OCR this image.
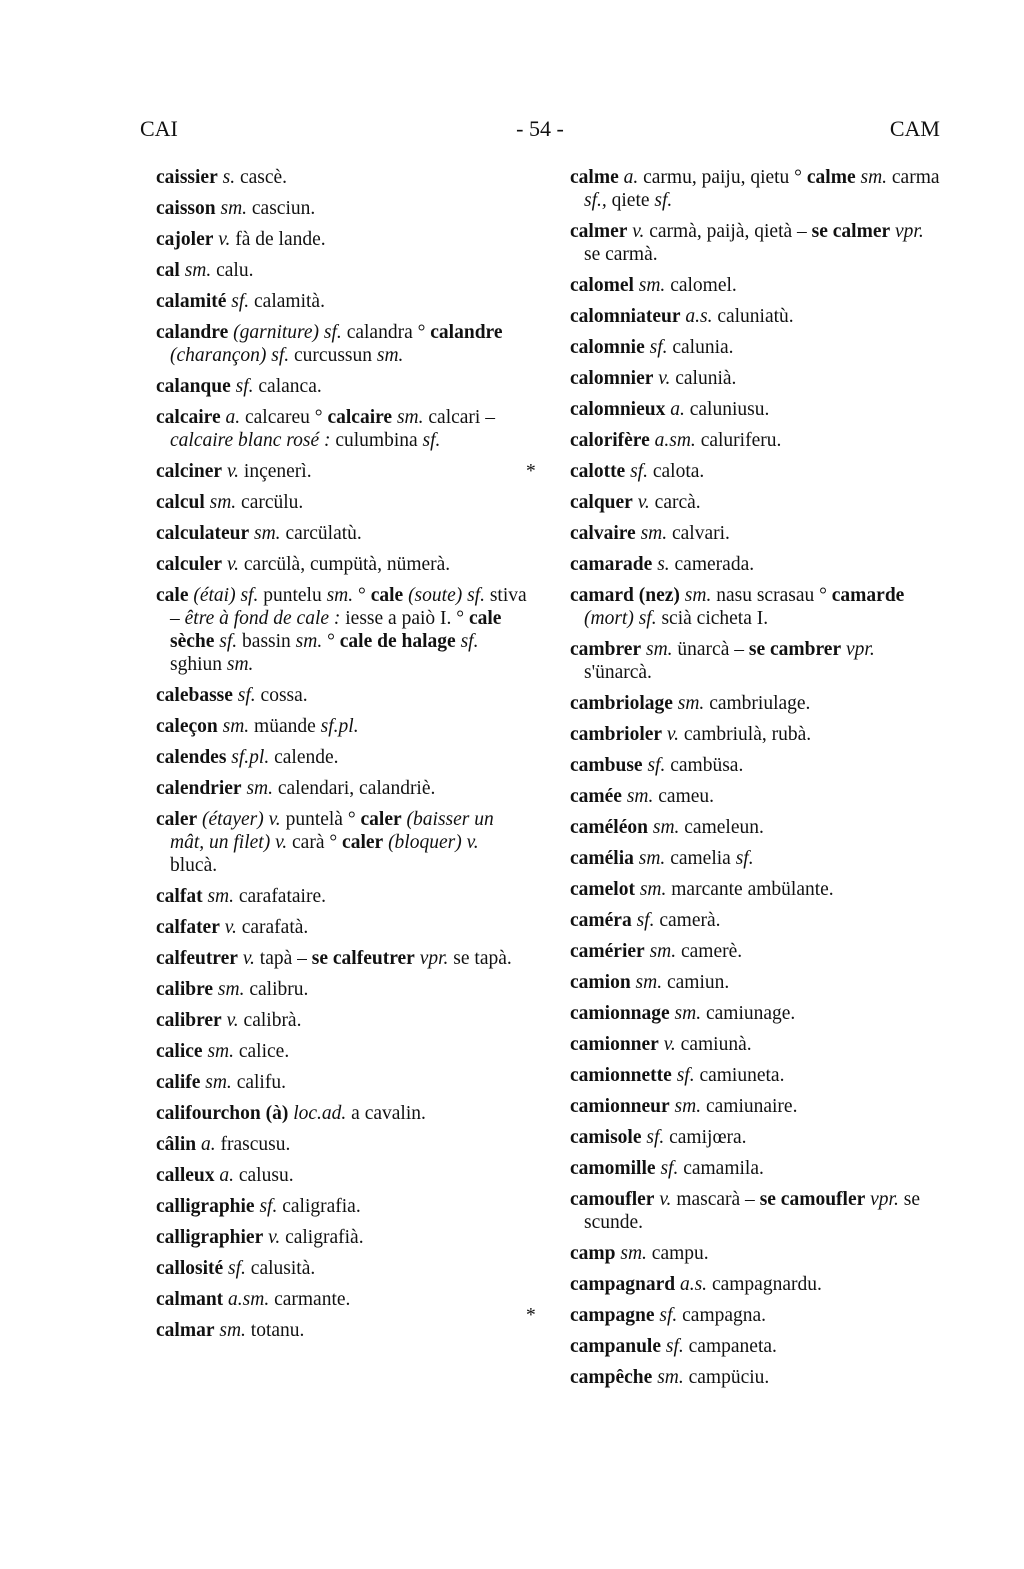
CAI	- 54 -	CAM

caissier s. cascè.

caisson sm. casciun.

cajoler v. fà de lande.

cal sm. calu.

calamité sf. calamità.

calandre (garniture) sf. calandra ° calandre (charançon) sf. curcussun sm.

calanque sf. calanca.

calcaire a. calcareu ° calcaire sm. calcari – calcaire blanc rosé : culumbina sf.

calciner v. inçenerì.

calcul sm. carcülu.

calculateur sm. carcülatù.

calculer v. carcülà, cumpütà, nümerà.

cale (étai) sf. puntelu sm. ° cale (soute) sf. stiva – être à fond de cale : iesse a paiò I. ° cale sèche sf. bassin sm. ° cale de halage sf. sghiun sm.

calebasse sf. cossa.

caleçon sm. müande sf.pl.

calendes sf.pl. calende.

calendrier sm. calendari, calandriè.

caler (étayer) v. puntelà ° caler (baisser un mât, un filet) v. carà ° caler (bloquer) v. blucà.

calfat sm. carafataire.

calfater v. carafatà.

calfeutrer v. tapà – se calfeutrer vpr. se tapà.

calibre sm. calibru.

calibrer v. calibrà.

calice sm. calice.

calife sm. califu.

califourchon (à) loc.ad. a cavalin.

câlin a. frascusu.

calleux a. calusu.

calligraphie sf. caligrafia.

calligraphier v. caligrafià.

callosité sf. calusità.

calmant a.sm. carmante.

calmar sm. totanu.

calme a. carmu, paiju, qietu ° calme sm. carma sf., qiete sf.

calmer v. carmà, paijà, qietà – se calmer vpr. se carmà.

calomel sm. calomel.

calomniateur a.s. caluniatù.

calomnie sf. calunia.

calomnier v. calunià.

calomnieux a. caluniusu.

calorifère a.sm. caluriferu.

* calotte sf. calota.

calquer v. carcà.

calvaire sm. calvari.

camarade s. camerada.

camard (nez) sm. nasu scrasau ° camarde (mort) sf. scià cicheta I.

cambrer sm. ünarcà – se cambrer vpr. s'ünarcà.

cambriolage sm. cambriulage.

cambrioler v. cambriulà, rubà.

cambuse sf. cambüsa.

camée sm. cameu.

caméléon sm. cameleun.

camélia sm. camelia sf.

camelot sm. marcante ambülante.

caméra sf. camerà.

camérier sm. camerè.

camion sm. camiun.

camionnage sm. camiunage.

camionner v. camiunà.

camionnette sf. camiuneta.

camionneur sm. camiunaire.

camisole sf. camijœra.

camomille sf. camamila.

camoufler v. mascarà – se camoufler vpr. se scunde.

camp sm. campu.

campagnard a.s. campagnardu.

* campagne sf. campagna.

campanule sf. campaneta.

campêche sm. campüciu.
